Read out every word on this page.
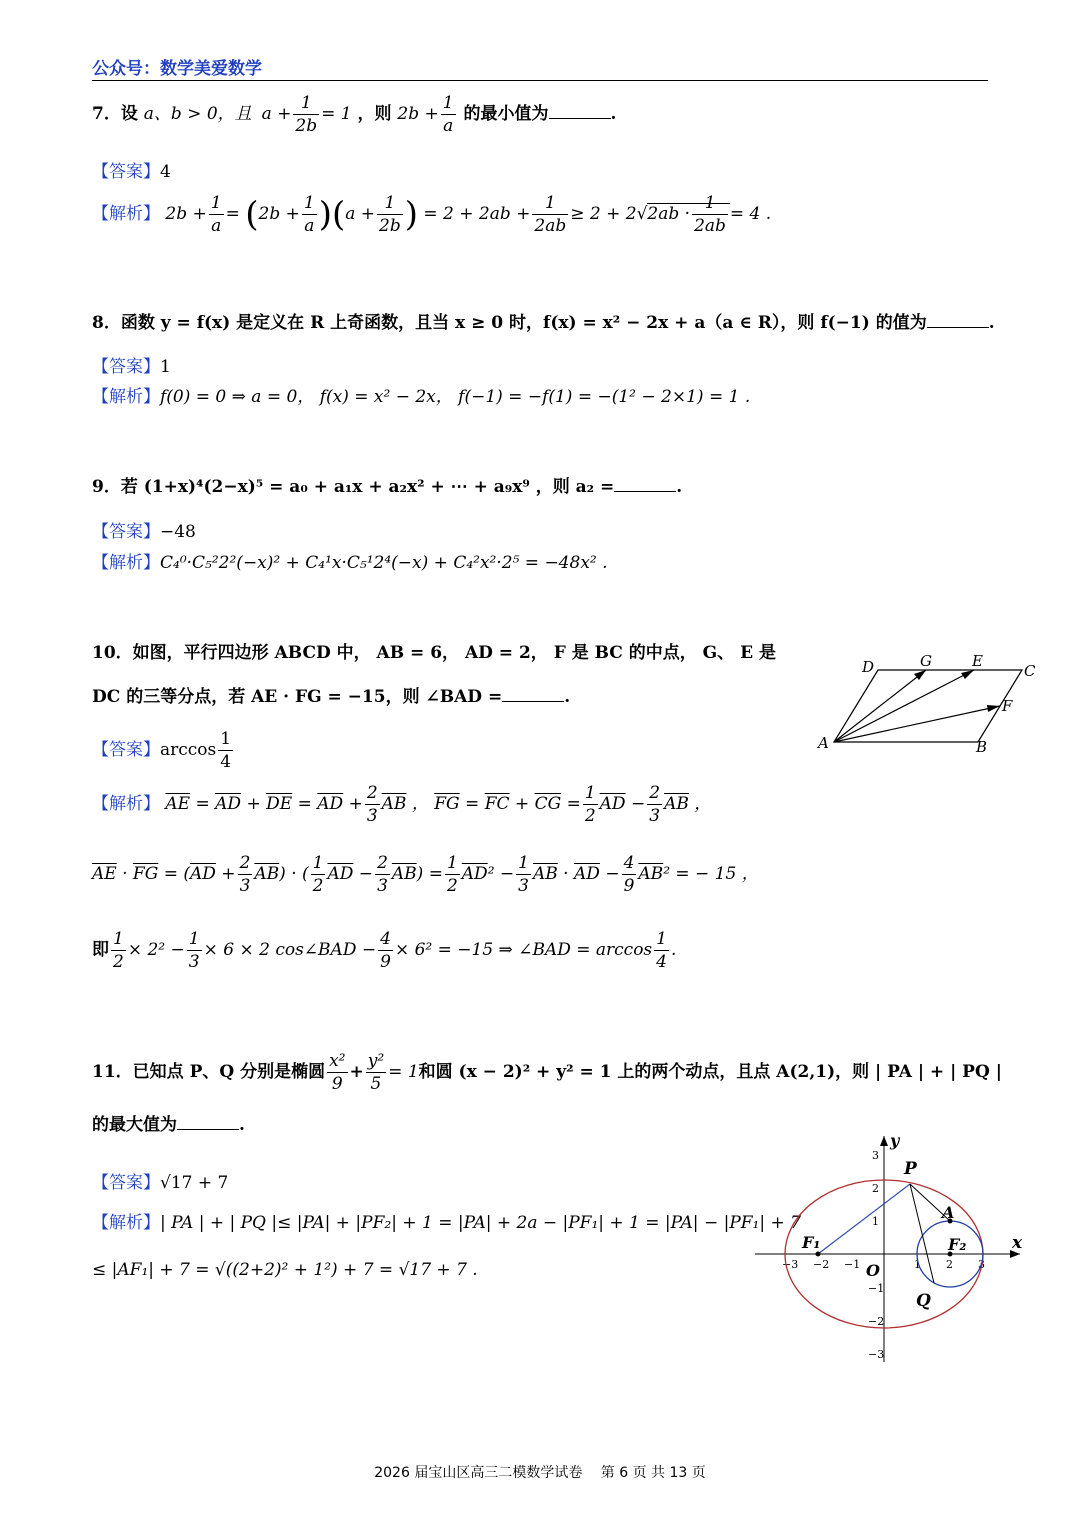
公众号：数学美爱数学
7．设 a、b > 0，且 $a + \frac{1}{2b} = 1$ ，则 $2b + \frac{1}{a}$ 的最小值为	.
【答案】4
【解析】 $2b + \frac{1}{a} = (2b + \frac{1}{a} )(a + \frac{1}{2b}$ ) = $2 + 2ab + \frac{1}{2ab} \ge 2 + 2√2ab \cdot \frac{1}{2ab} = 4$ .
8．函数 y = f(x) 是定义在 R 上奇函数，且当 x ≥ 0 时，f(x) = x² − 2x + a（a ∈ R），则 f(−1) 的值为	.
【答案】1
【解析】f(0) = 0 ⇒ a = 0， f(x) = x² − 2x， f(−1) = −f(1) = −(1² − 2×1) = 1 .
9．若 (1+x)⁴(2−x)⁵ = a₀ + a₁x + a₂x² + ⋯ + a₉x⁹ ，则 a₂ =	.
【答案】−48
【解析】C₄⁰·C₅²2²(−x)² + C₄¹x·C₅¹2⁴(−x) + C₄²x²·2⁵ = −48x² .
10．如图，平行四边形 ABCD 中， AB = 6， AD = 2， F 是 BC 的中点， G、 E 是
DC 的三等分点，若 AE · FG = −15，则 ∠BAD =	.
【答案】$\arccos \frac{1}{4}$
【解析】 $\overline{AE} = \overline{AD} + \overline{DE} = \overline{AD} + \frac{2}{3} \overline{AB}$ ， $\overline{FG} = \overline{FC} + \overline{CG} = \frac{1}{2} \overline{AD} - \frac{2}{3} \overline{AB}$ ，
$\overline{AE} \cdot \overline{FG} = (\overline{AD} + \frac{2}{3} \overline{AB})$ · ( $\frac{1}{2} \overline{AD} - \frac{2}{3} \overline{AB}) = \frac{1}{2} \overline{AD}^2 - \frac{1}{3} \overline{AB} \cdot \overline{AD} - \frac{4}{9} \overline{AB}^2$ = − 15 ，
即 $\frac{1}{2} \times 2^2 - \frac{1}{3} \times 6 \times 2$ cos∠BAD − $\frac{4}{9} \times 6^2 = -15$ ⇒ ∠BAD = $\arccos \frac{1}{4}$ .
A	B
C
D	E
F
G
11．已知点 P、Q 分别是椭圆 $\frac{\text{x²}}{9} + \frac{\text{y²}}{5} = 1$和圆 (x − 2)² + y² = 1 上的两个动点，且点 A(2,1)，则 | PA | + | PQ |
的最大值为	.
【答案】√17 + 7
【解析】| PA | + | PQ |≤ |PA| + |PF₂| + 1 = |PA| + 2a − |PF₁| + 1 = |PA| − |PF₁| + 7
≤ |AF₁| + 7 = √((2+2)² + 1²) + 7 = √17 + 7 .
x
y
O
−3 −2 −1	1 2 3
3
2
1
−1
−2
−3
P
Q
A
F₁	F₂
2026 届宝山区高三二模数学试卷　 第 6 页 共 13 页
